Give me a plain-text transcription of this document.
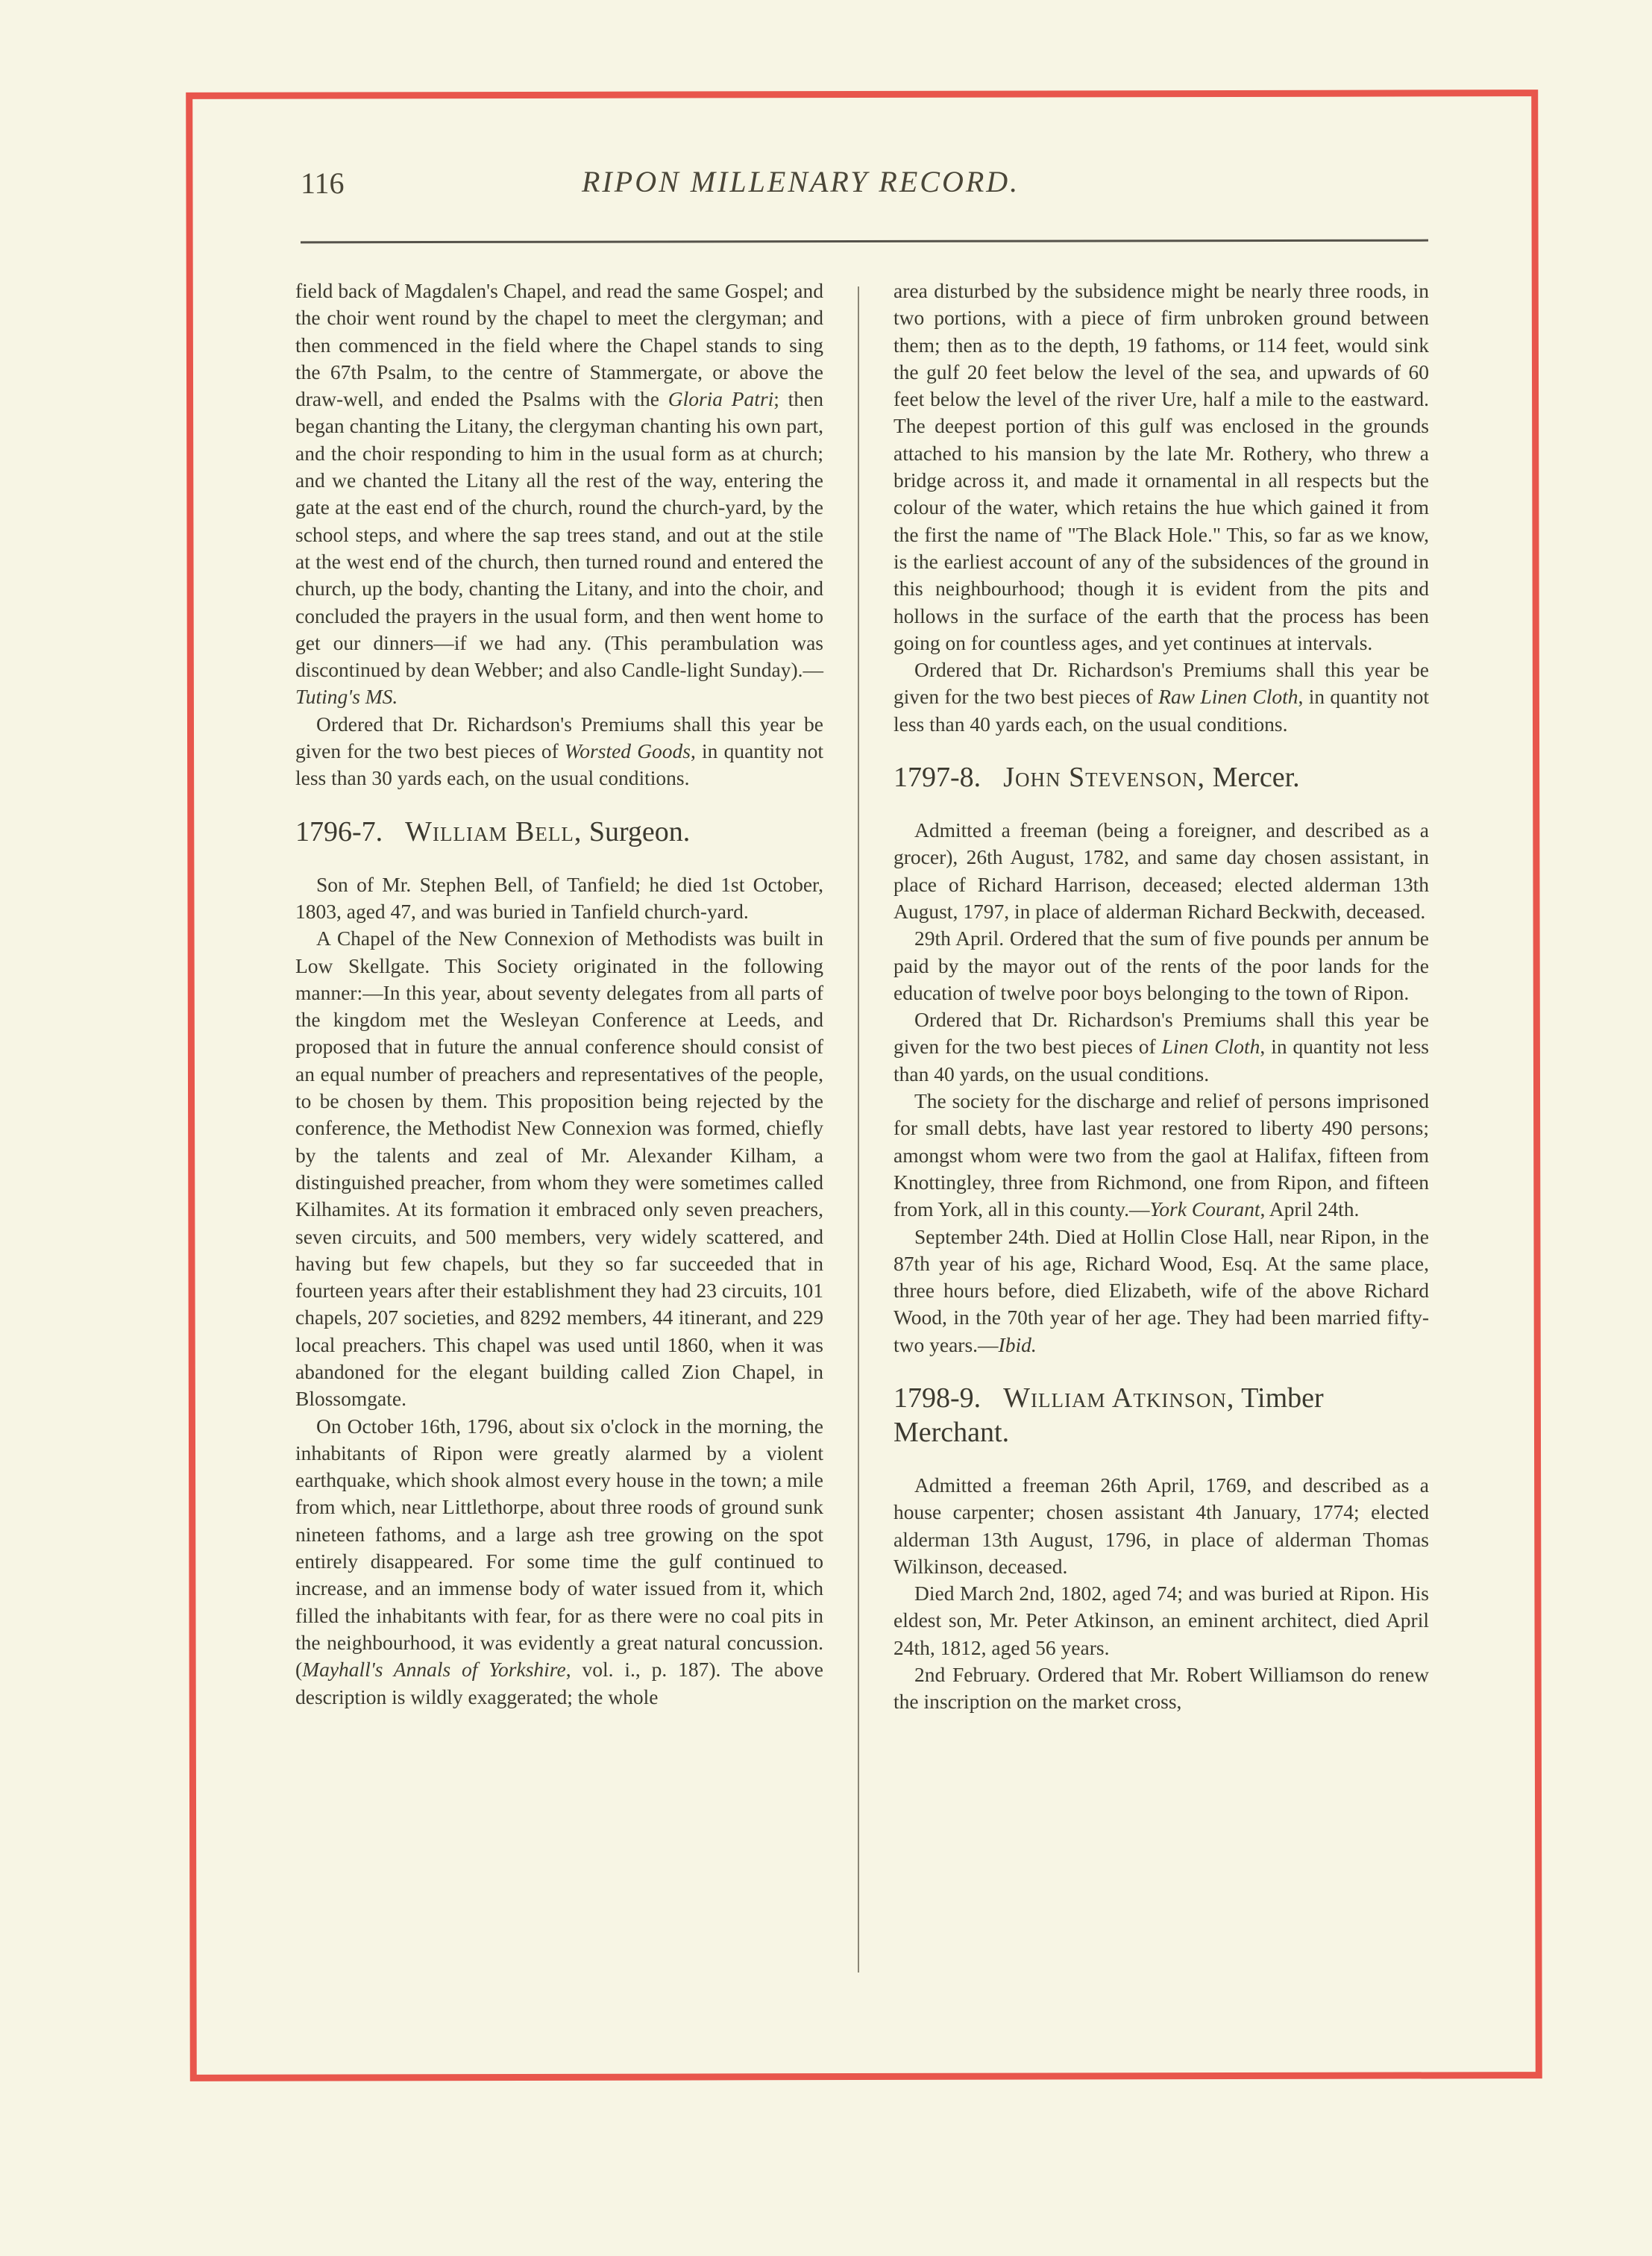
116	RIPON MILLENARY RECORD.

field back of Magdalen's Chapel, and read the same Gospel; and the choir went round by the chapel to meet the clergyman; and then commenced in the field where the Chapel stands to sing the 67th Psalm, to the centre of Stammergate, or above the draw-well, and ended the Psalms with the Gloria Patri; then began chanting the Litany, the clergyman chanting his own part, and the choir responding to him in the usual form as at church; and we chanted the Litany all the rest of the way, entering the gate at the east end of the church, round the church-yard, by the school steps, and where the sap trees stand, and out at the stile at the west end of the church, then turned round and entered the church, up the body, chanting the Litany, and into the choir, and concluded the prayers in the usual form, and then went home to get our dinners—if we had any. (This perambulation was discontinued by dean Webber; and also Candle-light Sunday).—Tuting's MS.

Ordered that Dr. Richardson's Premiums shall this year be given for the two best pieces of Worsted Goods, in quantity not less than 30 yards each, on the usual conditions.

1796-7. William Bell, Surgeon.

Son of Mr. Stephen Bell, of Tanfield; he died 1st October, 1803, aged 47, and was buried in Tanfield church-yard.

A Chapel of the New Connexion of Methodists was built in Low Skellgate. This Society originated in the following manner:—In this year, about seventy delegates from all parts of the kingdom met the Wesleyan Conference at Leeds, and proposed that in future the annual conference should consist of an equal number of preachers and representatives of the people, to be chosen by them. This proposition being rejected by the conference, the Methodist New Connexion was formed, chiefly by the talents and zeal of Mr. Alexander Kilham, a distinguished preacher, from whom they were sometimes called Kilhamites. At its formation it embraced only seven preachers, seven circuits, and 500 members, very widely scattered, and having but few chapels, but they so far succeeded that in fourteen years after their establishment they had 23 circuits, 101 chapels, 207 societies, and 8292 members, 44 itinerant, and 229 local preachers. This chapel was used until 1860, when it was abandoned for the elegant building called Zion Chapel, in Blossomgate.

On October 16th, 1796, about six o'clock in the morning, the inhabitants of Ripon were greatly alarmed by a violent earthquake, which shook almost every house in the town; a mile from which, near Littlethorpe, about three roods of ground sunk nineteen fathoms, and a large ash tree growing on the spot entirely disappeared. For some time the gulf continued to increase, and an immense body of water issued from it, which filled the inhabitants with fear, for as there were no coal pits in the neighbourhood, it was evidently a great natural concussion. (Mayhall's Annals of Yorkshire, vol. i., p. 187). The above description is wildly exaggerated; the whole

area disturbed by the subsidence might be nearly three roods, in two portions, with a piece of firm unbroken ground between them; then as to the depth, 19 fathoms, or 114 feet, would sink the gulf 20 feet below the level of the sea, and upwards of 60 feet below the level of the river Ure, half a mile to the eastward. The deepest portion of this gulf was enclosed in the grounds attached to his mansion by the late Mr. Rothery, who threw a bridge across it, and made it ornamental in all respects but the colour of the water, which retains the hue which gained it from the first the name of "The Black Hole." This, so far as we know, is the earliest account of any of the subsidences of the ground in this neighbourhood; though it is evident from the pits and hollows in the surface of the earth that the process has been going on for countless ages, and yet continues at intervals.

Ordered that Dr. Richardson's Premiums shall this year be given for the two best pieces of Raw Linen Cloth, in quantity not less than 40 yards each, on the usual conditions.

1797-8. John Stevenson, Mercer.

Admitted a freeman (being a foreigner, and described as a grocer), 26th August, 1782, and same day chosen assistant, in place of Richard Harrison, deceased; elected alderman 13th August, 1797, in place of alderman Richard Beckwith, deceased.

29th April. Ordered that the sum of five pounds per annum be paid by the mayor out of the rents of the poor lands for the education of twelve poor boys belonging to the town of Ripon.

Ordered that Dr. Richardson's Premiums shall this year be given for the two best pieces of Linen Cloth, in quantity not less than 40 yards, on the usual conditions.

The society for the discharge and relief of persons imprisoned for small debts, have last year restored to liberty 490 persons; amongst whom were two from the gaol at Halifax, fifteen from Knottingley, three from Richmond, one from Ripon, and fifteen from York, all in this county.—York Courant, April 24th.

September 24th. Died at Hollin Close Hall, near Ripon, in the 87th year of his age, Richard Wood, Esq. At the same place, three hours before, died Elizabeth, wife of the above Richard Wood, in the 70th year of her age. They had been married fifty-two years.—Ibid.

1798-9. William Atkinson, Timber Merchant.

Admitted a freeman 26th April, 1769, and described as a house carpenter; chosen assistant 4th January, 1774; elected alderman 13th August, 1796, in place of alderman Thomas Wilkinson, deceased.

Died March 2nd, 1802, aged 74; and was buried at Ripon. His eldest son, Mr. Peter Atkinson, an eminent architect, died April 24th, 1812, aged 56 years.

2nd February. Ordered that Mr. Robert Williamson do renew the inscription on the market cross,
